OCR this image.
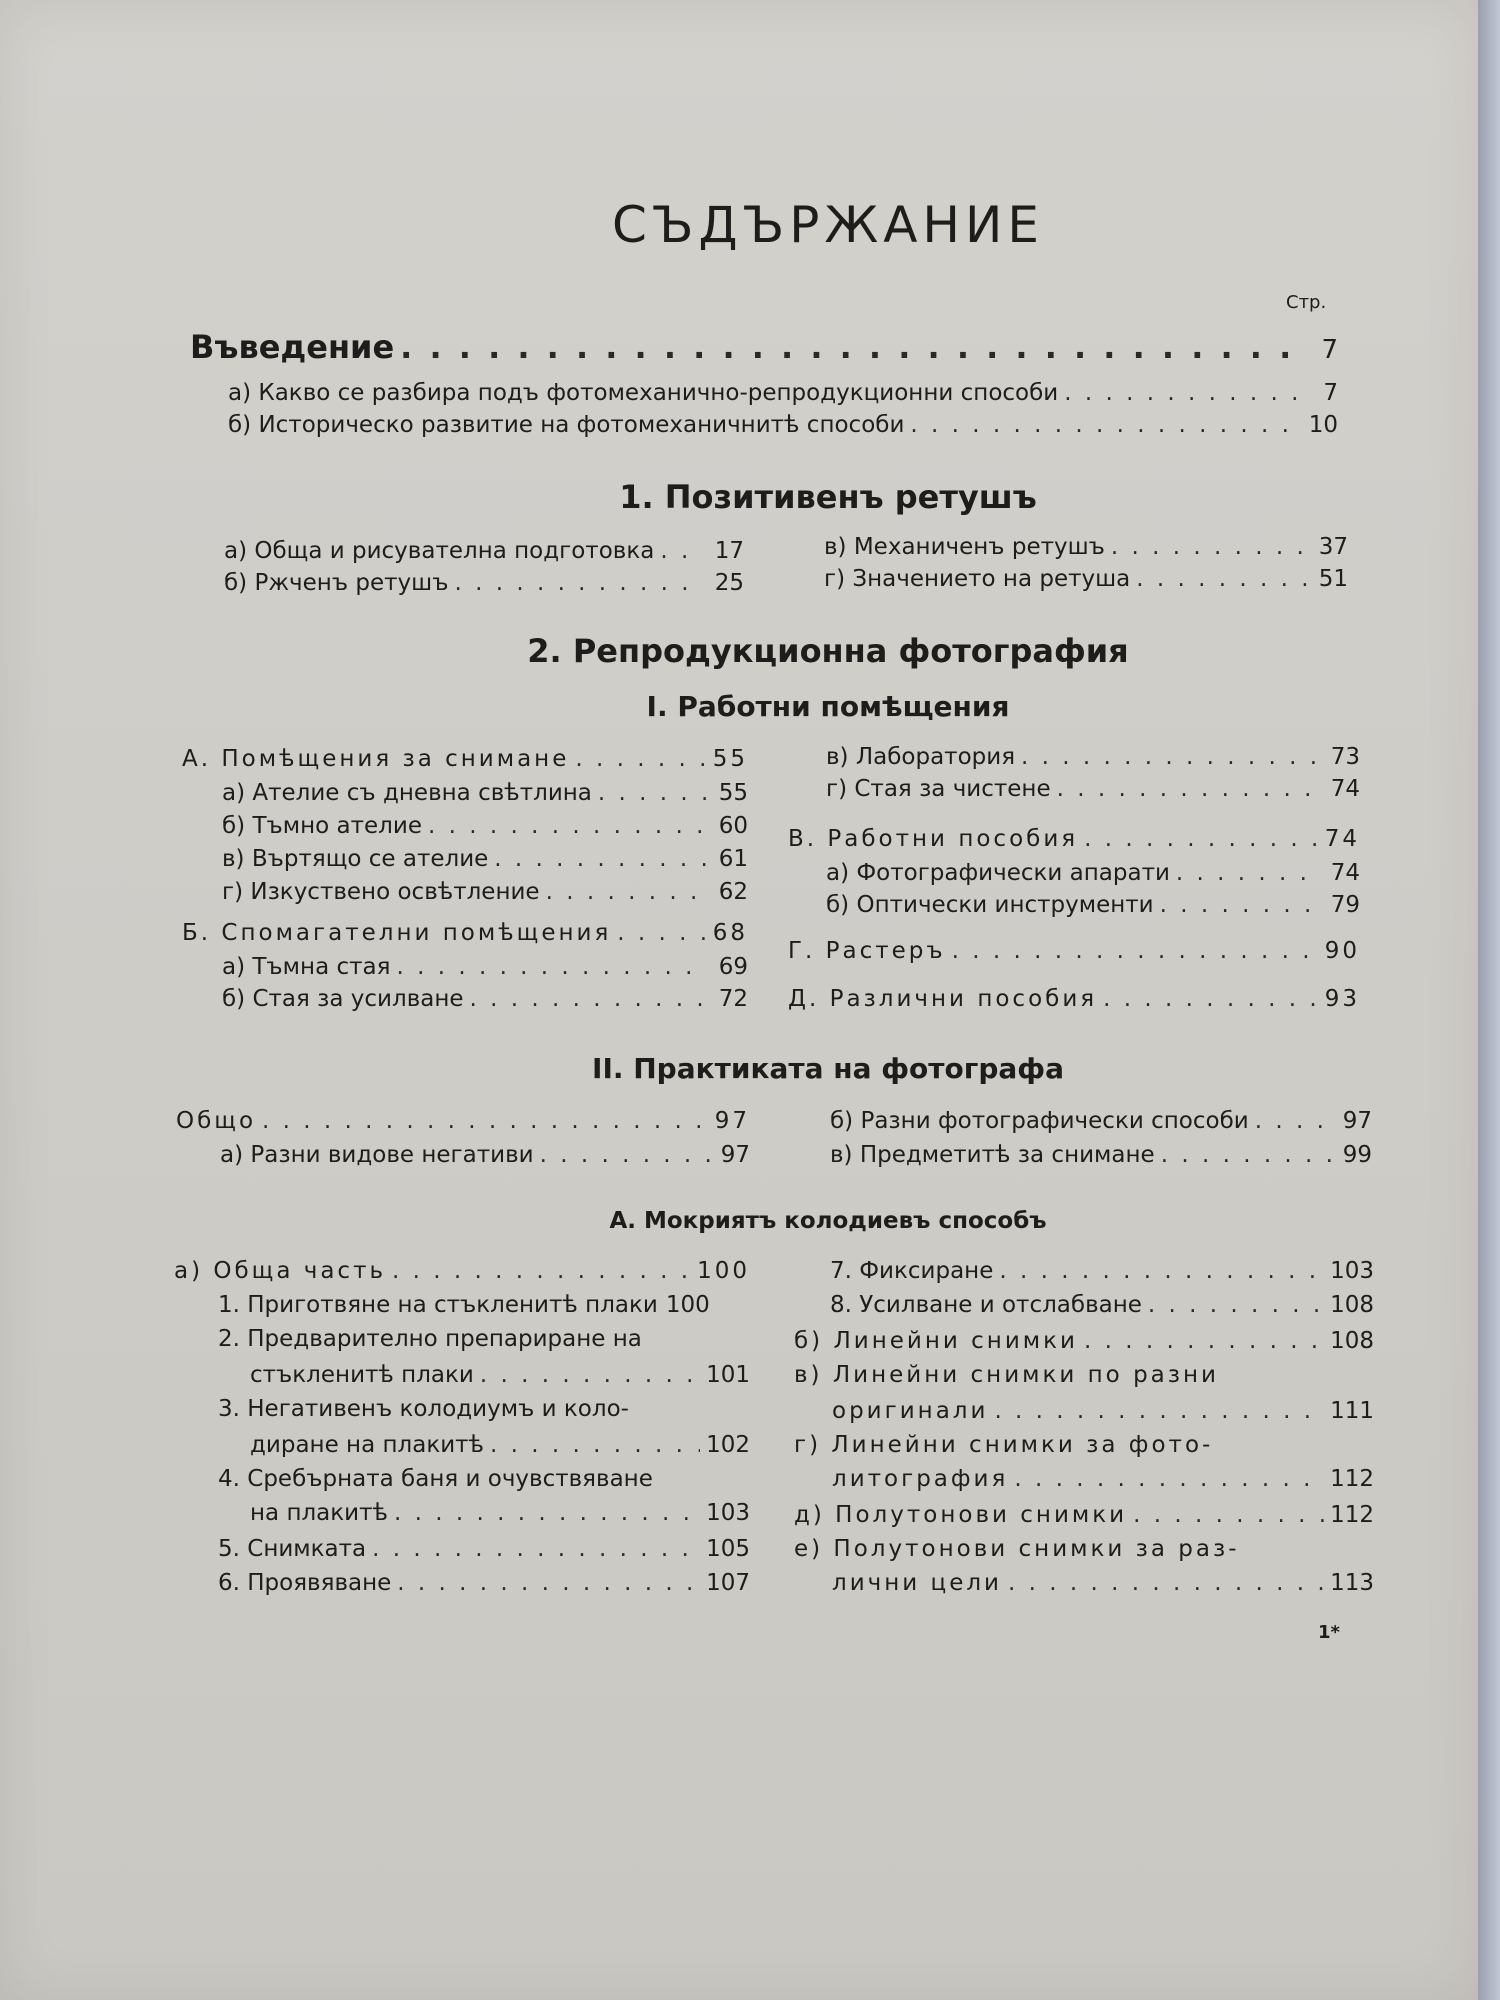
СЪДЪРЖАНИЕ
Стр.
Въведение . . .	7
а) Какво се разбира подъ фотомеханично-репродукционни способи . . .	7
б) Историческо развитие на фотомеханичнитѣ способи . . .	10
1. Позитивенъ ретушъ
а) Обща и рисувателна подготовка . . .	17
б) Ржченъ ретушъ . . .	25
в) Механиченъ ретушъ . . .	37
г) Значението на ретуша . . .	51
2. Репродукционна фотография
I. Работни помѣщения
А. Помѣщения за снимане . . .	55
а) Ателие съ дневна свѣтлина . . .	55
б) Тъмно ателие . . .	60
в) Въртящо се ателие . . .	61
г) Изкуствено освѣтление . . .	62
Б. Спомагателни помѣщения . . .	68
а) Тъмна стая . . .	69
б) Стая за усилване . . .	72
в) Лаборатория . . .	73
г) Стая за чистене . . .	74
В. Работни пособия . . .	74
а) Фотографически апарати . . .	74
б) Оптически инструменти . . .	79
Г. Растеръ . . .	90
Д. Различни пособия . . .	93
II. Практиката на фотографа
Общо . . .	97
а) Разни видове негативи . . .	97
б) Разни фотографически способи . . .	97
в) Предметитѣ за снимане . . .	99
А. Мокриятъ колодиевъ способъ
а) Обща часть . . .	100
1. Приготвяне на стъкленитѣ плаки 100
2. Предварително препариране на
стъкленитѣ плаки . . .	101
3. Негативенъ колодиумъ и коло-
диране на плакитѣ . . .	102
4. Сребърната баня и очувствяване
на плакитѣ . . .	103
5. Снимката . . .	105
6. Проявяване . . .	107
7. Фиксиране . . .	103
8. Усилване и отслабване . . .	108
б) Линейни снимки . . .	108
в) Линейни снимки по разни
оригинали . . .	111
г) Линейни снимки за фото-
литография . . .	112
д) Полутонови снимки . . .	112
е) Полутонови снимки за раз-
лични цели . . .	113
1*
